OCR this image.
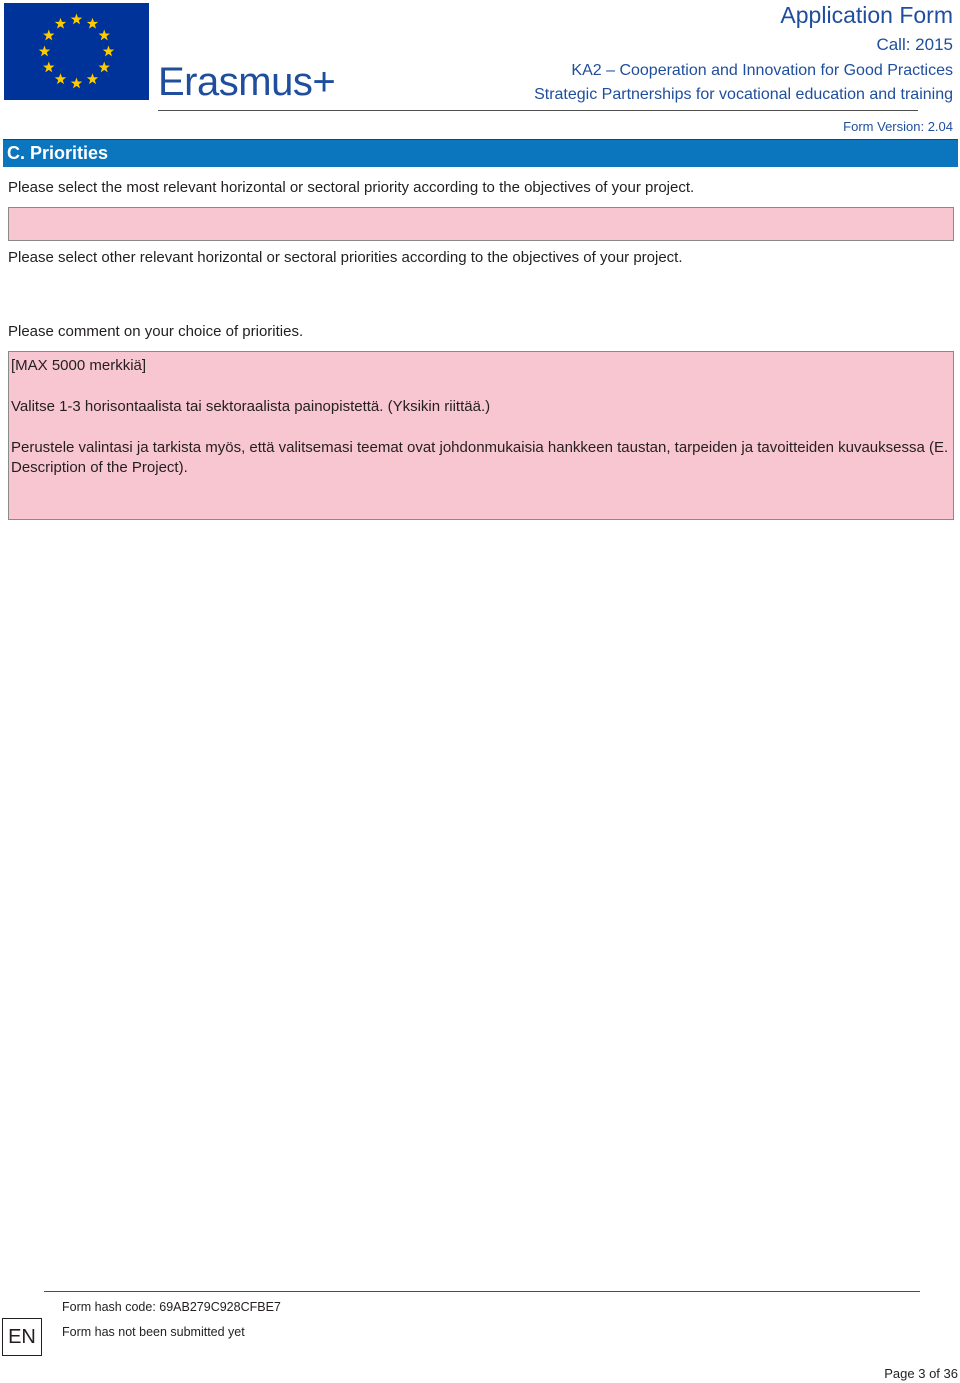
Erasmus+
Application Form
Call: 2015
KA2 – Cooperation and Innovation for Good Practices
Strategic Partnerships for vocational education and training
Form Version: 2.04
C. Priorities
Please select the most relevant horizontal or sectoral priority according to the objectives of your project.
Please select other relevant horizontal or sectoral priorities according to the objectives of your project.
Please comment on your choice of priorities.

[MAX 5000 merkkiä]

Valitse 1-3 horisontaalista tai sektoraalista painopistettä. (Yksikin riittää.)

Perustele valintasi ja tarkista myös, että valitsemasi teemat ovat johdonmukaisia hankkeen taustan, tarpeiden ja tavoitteiden kuvauksessa (E. Description of the Project).

EN
Form hash code: 69AB279C928CFBE7
Form has not been submitted yet
Page 3 of 36
